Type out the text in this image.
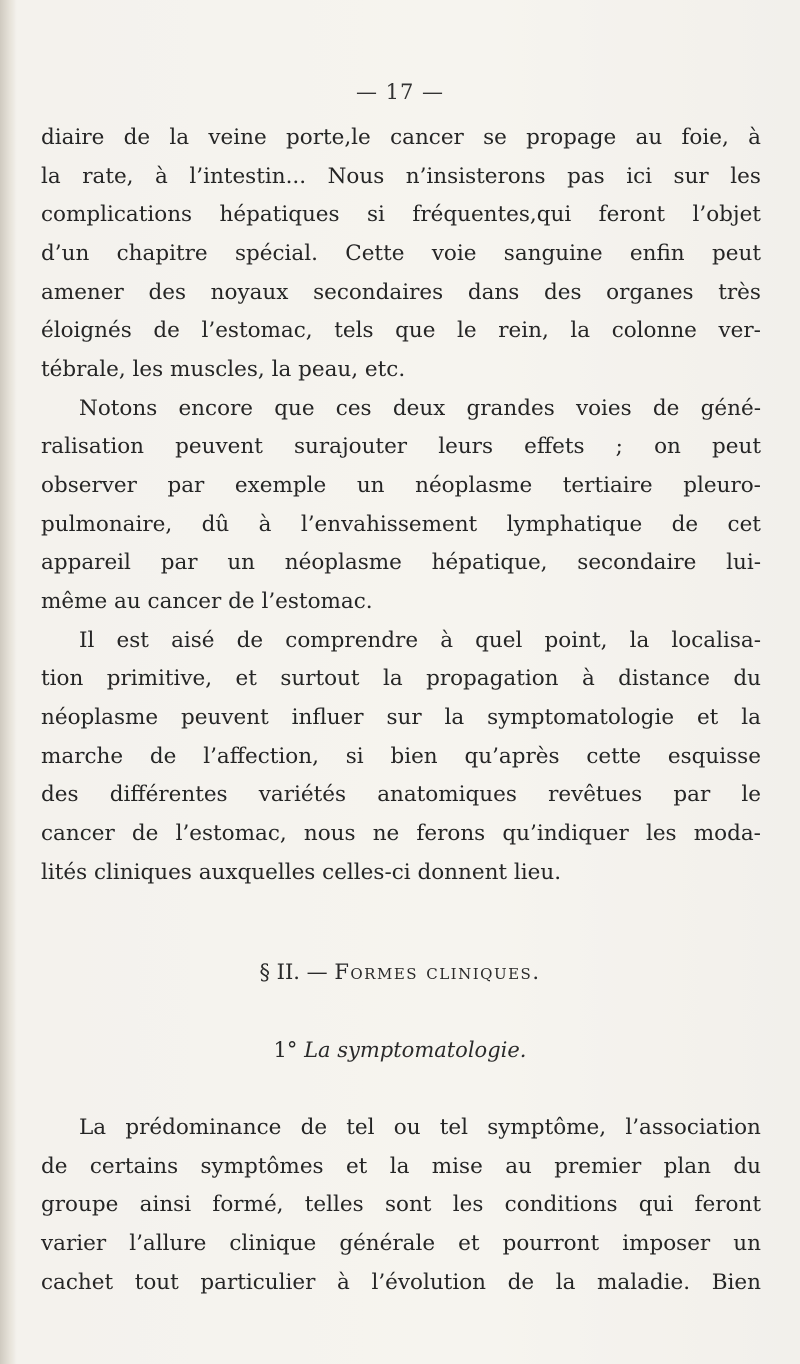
— 17 —
diaire de la veine porte,le cancer se propage au foie, à
la rate, à l’intestin... Nous n’insisterons pas ici sur les
complications hépatiques si fréquentes,qui feront l’objet
d’un chapitre spécial. Cette voie sanguine enfin peut
amener des noyaux secondaires dans des organes très
éloignés de l’estomac, tels que le rein, la colonne ver-
tébrale, les muscles, la peau, etc.
Notons encore que ces deux grandes voies de géné-
ralisation peuvent surajouter leurs effets ; on peut
observer par exemple un néoplasme tertiaire pleuro-
pulmonaire, dû à l’envahissement lymphatique de cet
appareil par un néoplasme hépatique, secondaire lui-
même au cancer de l’estomac.
Il est aisé de comprendre à quel point, la localisa-
tion primitive, et surtout la propagation à distance du
néoplasme peuvent influer sur la symptomatologie et la
marche de l’affection, si bien qu’après cette esquisse
des différentes variétés anatomiques revêtues par le
cancer de l’estomac, nous ne ferons qu’indiquer les moda-
lités cliniques auxquelles celles-ci donnent lieu.
§ II. — Formes cliniques.
1° La symptomatologie.
La prédominance de tel ou tel symptôme, l’association
de certains symptômes et la mise au premier plan du
groupe ainsi formé, telles sont les conditions qui feront
varier l’allure clinique générale et pourront imposer un
cachet tout particulier à l’évolution de la maladie. Bien
